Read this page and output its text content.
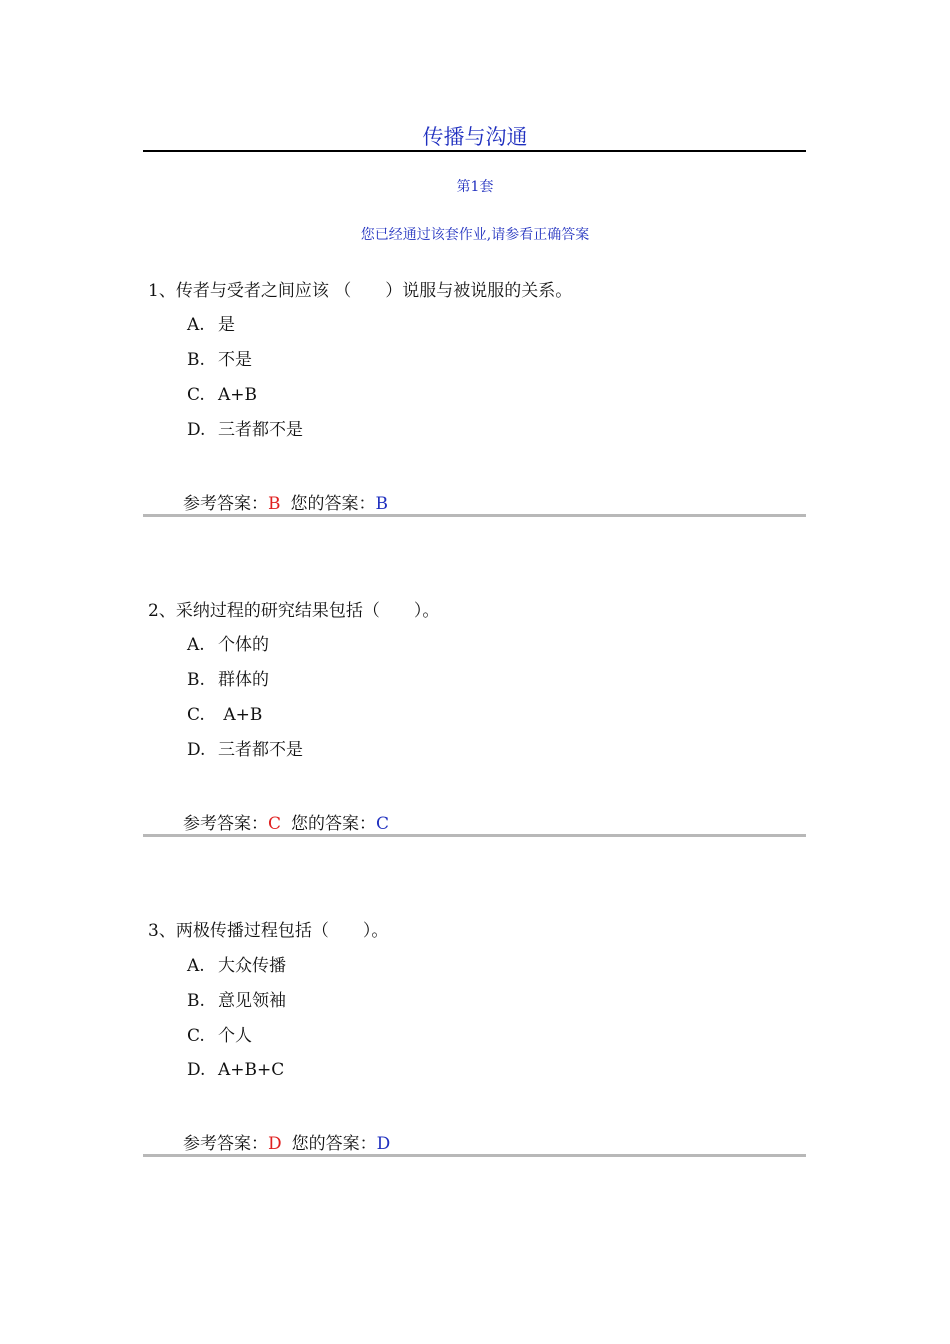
传播与沟通
第1套
您已经通过该套作业,请参看正确答案
1、传者与受者之间应该 （　　）说服与被说服的关系。
A. 是
B. 不是
C. A+B
D. 三者都不是
参考答案：B 您的答案：B
2、采纳过程的研究结果包括（　　）。
A. 个体的
B. 群体的
C. A+B
D. 三者都不是
参考答案：C 您的答案：C
3、两极传播过程包括（　　）。
A. 大众传播
B. 意见领袖
C. 个人
D. A+B+C
参考答案：D 您的答案：D
